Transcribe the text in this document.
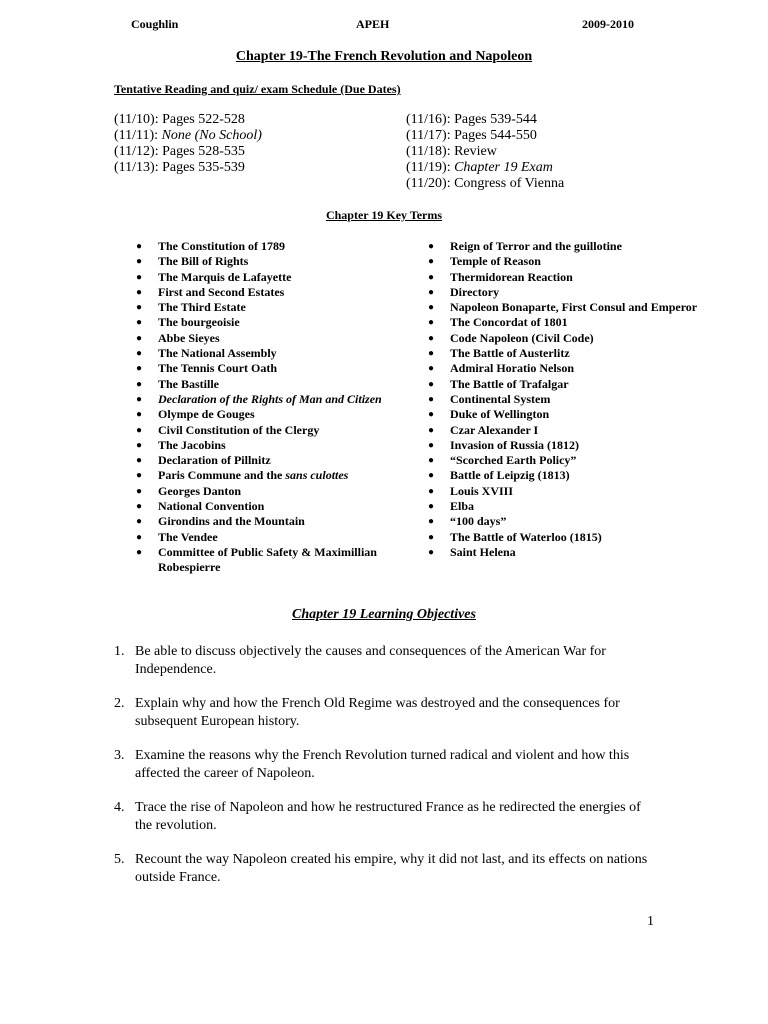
Coughlin	APEH	2009-2010
Chapter 19-The French Revolution and Napoleon
Tentative Reading and quiz/ exam Schedule (Due Dates)
(11/10): Pages 522-528
(11/11): None (No School)
(11/12): Pages 528-535
(11/13): Pages 535-539
(11/16): Pages 539-544
(11/17): Pages 544-550
(11/18): Review
(11/19): Chapter 19 Exam
(11/20): Congress of Vienna
Chapter 19 Key Terms
● The Constitution of 1789
● The Bill of Rights
● The Marquis de Lafayette
● First and Second Estates
● The Third Estate
● The bourgeoisie
● Abbe Sieyes
● The National Assembly
● The Tennis Court Oath
● The Bastille
● Declaration of the Rights of Man and Citizen
● Olympe de Gouges
● Civil Constitution of the Clergy
● The Jacobins
● Declaration of Pillnitz
● Paris Commune and the sans culottes
● Georges Danton
● National Convention
● Girondins and the Mountain
● The Vendee
● Committee of Public Safety & Maximillian Robespierre
● Reign of Terror and the guillotine
● Temple of Reason
● Thermidorean Reaction
● Directory
● Napoleon Bonaparte, First Consul and Emperor
● The Concordat of 1801
● Code Napoleon (Civil Code)
● The Battle of Austerlitz
● Admiral Horatio Nelson
● The Battle of Trafalgar
● Continental System
● Duke of Wellington
● Czar Alexander I
● Invasion of Russia (1812)
● “Scorched Earth Policy”
● Battle of Leipzig (1813)
● Louis XVIII
● Elba
● “100 days”
● The Battle of Waterloo (1815)
● Saint Helena
Chapter 19 Learning Objectives
1. Be able to discuss objectively the causes and consequences of the American War for Independence.
2. Explain why and how the French Old Regime was destroyed and the consequences for subsequent European history.
3. Examine the reasons why the French Revolution turned radical and violent and how this affected the career of Napoleon.
4. Trace the rise of Napoleon and how he restructured France as he redirected the energies of the revolution.
5. Recount the way Napoleon created his empire, why it did not last, and its effects on nations outside France.
1
